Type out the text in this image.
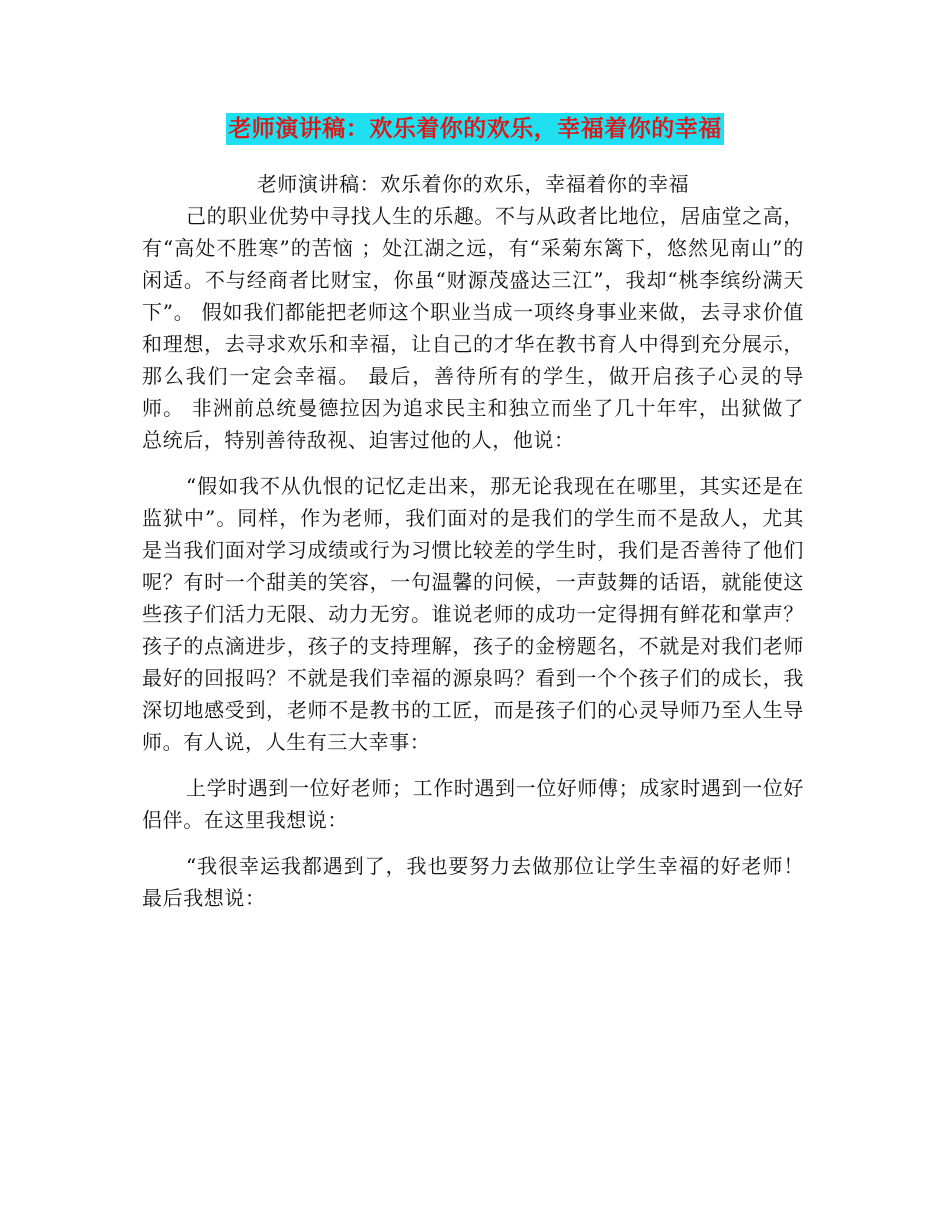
老师演讲稿：欢乐着你的欢乐，幸福着你的幸福
老师演讲稿：欢乐着你的欢乐，幸福着你的幸福

己的职业优势中寻找人生的乐趣。不与从政者比地位，居庙堂之高，有“高处不胜寒”的苦恼 ；处江湖之远，有“采菊东篱下，悠然见南山”的闲适。不与经商者比财宝，你虽“财源茂盛达三江”，我却“桃李缤纷满天下”。 假如我们都能把老师这个职业当成一项终身事业来做，去寻求价值和理想，去寻求欢乐和幸福，让自己的才华在教书育人中得到充分展示，那么我们一定会幸福。 最后，善待所有的学生，做开启孩子心灵的导师。 非洲前总统曼德拉因为追求民主和独立而坐了几十年牢，出狱做了总统后，特别善待敌视、迫害过他的人，他说：

“假如我不从仇恨的记忆走出来，那无论我现在在哪里，其实还是在监狱中”。同样，作为老师，我们面对的是我们的学生而不是敌人，尤其是当我们面对学习成绩或行为习惯比较差的学生时，我们是否善待了他们呢？有时一个甜美的笑容，一句温馨的问候，一声鼓舞的话语，就能使这些孩子们活力无限、动力无穷。谁说老师的成功一定得拥有鲜花和掌声？孩子的点滴进步，孩子的支持理解，孩子的金榜题名，不就是对我们老师最好的回报吗？不就是我们幸福的源泉吗？看到一个个孩子们的成长，我深切地感受到，老师不是教书的工匠，而是孩子们的心灵导师乃至人生导师。有人说，人生有三大幸事：

上学时遇到一位好老师；工作时遇到一位好师傅；成家时遇到一位好侣伴。在这里我想说：

“我很幸运我都遇到了，我也要努力去做那位让学生幸福的好老师！ 最后我想说：
